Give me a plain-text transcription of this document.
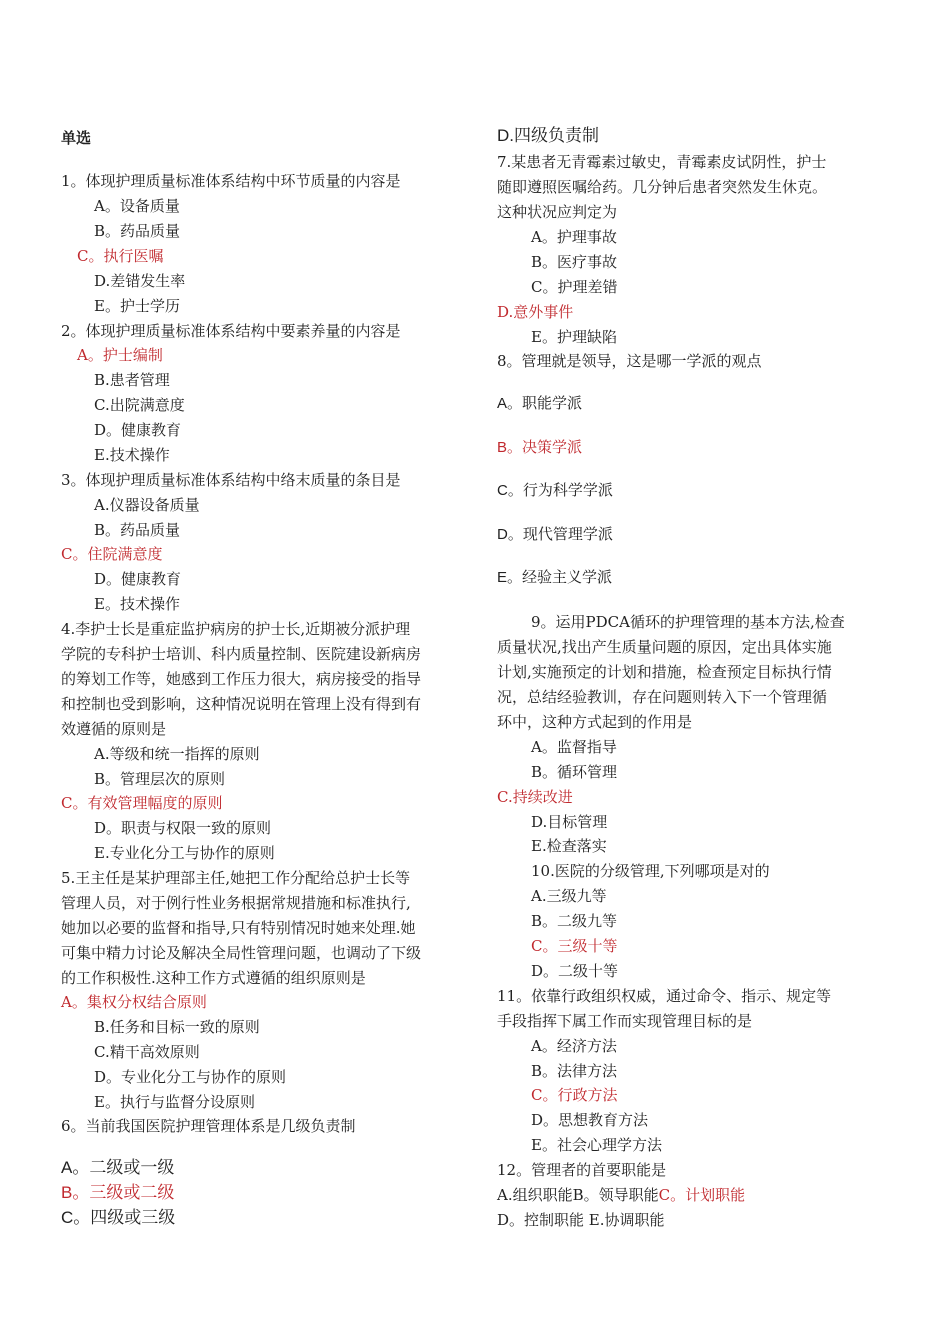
单选
1。体现护理质量标准体系结构中环节质量的内容是
A。设备质量
B。药品质量
C。执行医嘱
D.差错发生率
E。护士学历
2。体现护理质量标准体系结构中要素养量的内容是
A。护士编制
B.患者管理
C.出院满意度
D。健康教育
E.技术操作
3。体现护理质量标准体系结构中络末质量的条目是
A.仪器设备质量
B。药品质量
C。住院满意度
D。健康教育
E。技术操作
4.李护士长是重症监护病房的护士长,近期被分派护理
学院的专科护士培训、科内质量控制、医院建设新病房
的筹划工作等，她感到工作压力很大，病房接受的指导
和控制也受到影响，这种情况说明在管理上没有得到有
效遵循的原则是
A.等级和统一指挥的原则
B。管理层次的原则
C。有效管理幅度的原则
D。职责与权限一致的原则
E.专业化分工与协作的原则
5.王主任是某护理部主任,她把工作分配给总护士长等
管理人员，对于例行性业务根据常规措施和标准执行,
她加以必要的监督和指导,只有特别情况时她来处理.她
可集中精力讨论及解决全局性管理问题，也调动了下级
的工作积极性.这种工作方式遵循的组织原则是
A。集权分权结合原则
B.任务和目标一致的原则
C.精干高效原则
D。专业化分工与协作的原则
E。执行与监督分设原则
6。当前我国医院护理管理体系是几级负责制
A。二级或一级
B。三级或二级
C。四级或三级
7.某患者无青霉素过敏史，青霉素皮试阴性，护士
随即遵照医嘱给药。几分钟后患者突然发生休克。
这种状况应判定为
A。护理事故
B。医疗事故
C。护理差错
D.意外事件
E。护理缺陷
8。管理就是领导，这是哪一学派的观点
9。运用PDCA循环的护理管理的基本方法,检查
质量状况,找出产生质量问题的原因，定出具体实施
计划,实施预定的计划和措施，检查预定目标执行情
况，总结经验教训，存在问题则转入下一个管理循
环中，这种方式起到的作用是
A。监督指导
B。循环管理
C.持续改进
D.目标管理
E.检查落实
10.医院的分级管理,下列哪项是对的
A.三级九等
B。二级九等
C。三级十等
D。二级十等
11。依靠行政组织权威，通过命令、指示、规定等
手段指挥下属工作而实现管理目标的是
A。经济方法
B。法律方法
C。行政方法
D。思想教育方法
E。社会心理学方法
12。管理者的首要职能是
D。控制职能 E.协调职能
A。职能学派
B。决策学派
C。行为科学学派
D。现代管理学派
E。经验主义学派
D.四级负责制
A.组织职能B。领导职能C。计划职能
